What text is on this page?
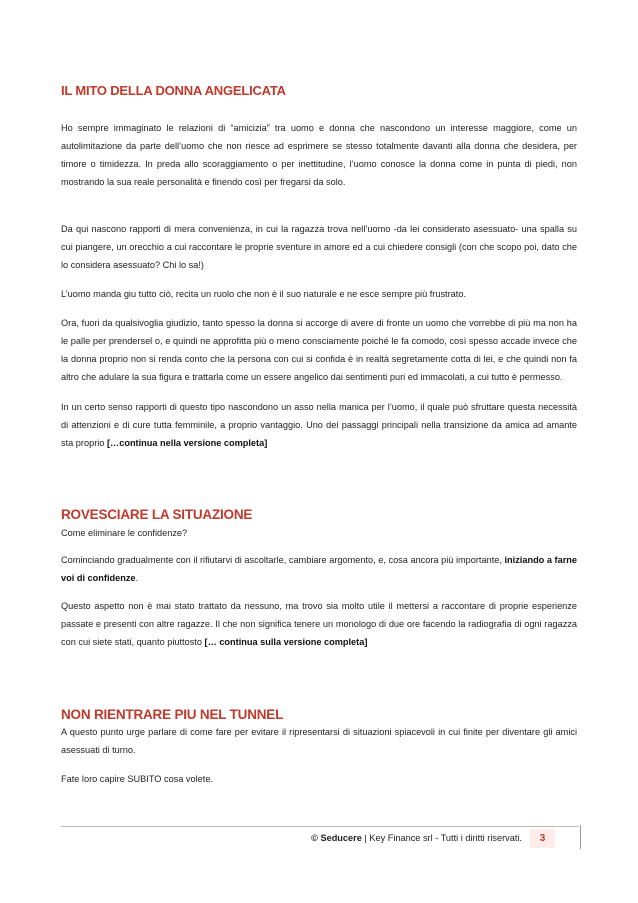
IL MITO DELLA DONNA ANGELICATA

Ho sempre immaginato le relazioni di “amicizia” tra uomo e donna che nascondono un interesse maggiore, come un autolimitazione da parte dell’uomo che non riesce ad esprimere se stesso totalmente davanti alla donna che desidera, per timore o timidezza. In preda allo scoraggiamento o per inettitudine, l’uomo conosce la donna come in punta di piedi, non mostrando la sua reale personalità e finendo così per fregarsi da solo.

Da qui nascono rapporti di mera convenienza, in cui la ragazza trova nell’uomo -da lei considerato asessuato- una spalla su cui piangere, un orecchio a cui raccontare le proprie sventure in amore ed a cui chiedere consigli (con che scopo poi, dato che lo considera asessuato? Chi lo sa!)

L’uomo manda giu tutto ciò, recita un ruolo che non è il suo naturale e ne esce sempre più frustrato.

Ora, fuori da qualsivoglia giudizio, tanto spesso la donna si accorge di avere di fronte un uomo che vorrebbe di più ma non ha le palle per prendersel o, e quindi ne approfitta più o meno consciamente poiché le fa comodo, così spesso accade invece che la donna proprio non si renda conto che la persona con cui si confida è in realtà segretamente cotta di lei, e che quindi non fa altro che adulare la sua figura e trattarla come un essere angelico dai sentimenti puri ed immacolati, a cui tutto è permesso.

In un certo senso rapporti di questo tipo nascondono un asso nella manica per l’uomo, il quale può sfruttare questa necessità di attenzioni e di cure tutta femminile, a proprio vantaggio. Uno dei passaggi principali nella transizione da amica ad amante sta proprio […continua nella versione completa]

ROVESCIARE LA SITUAZIONE

Come eliminare le confidenze?

Cominciando gradualmente con il rifiutarvi di ascoltarle, cambiare argomento, e, cosa ancora più importante, iniziando a farne voi di confidenze.

Questo aspetto non è mai stato trattato da nessuno, ma trovo sia molto utile il mettersi a raccontare di proprie esperienze passate e presenti con altre ragazze. Il che non significa tenere un monologo di due ore facendo la radiografia di ogni ragazza con cui siete stati, quanto piuttosto [… continua sulla versione completa]

NON RIENTRARE PIU NEL TUNNEL

A questo punto urge parlare di come fare per evitare il ripresentarsi di situazioni spiacevoli in cui finite per diventare gli amici asessuati di turno.

Fate loro capire SUBITO cosa volete.

© Seducere | Key Finance srl - Tutti i diritti riservati.	3
